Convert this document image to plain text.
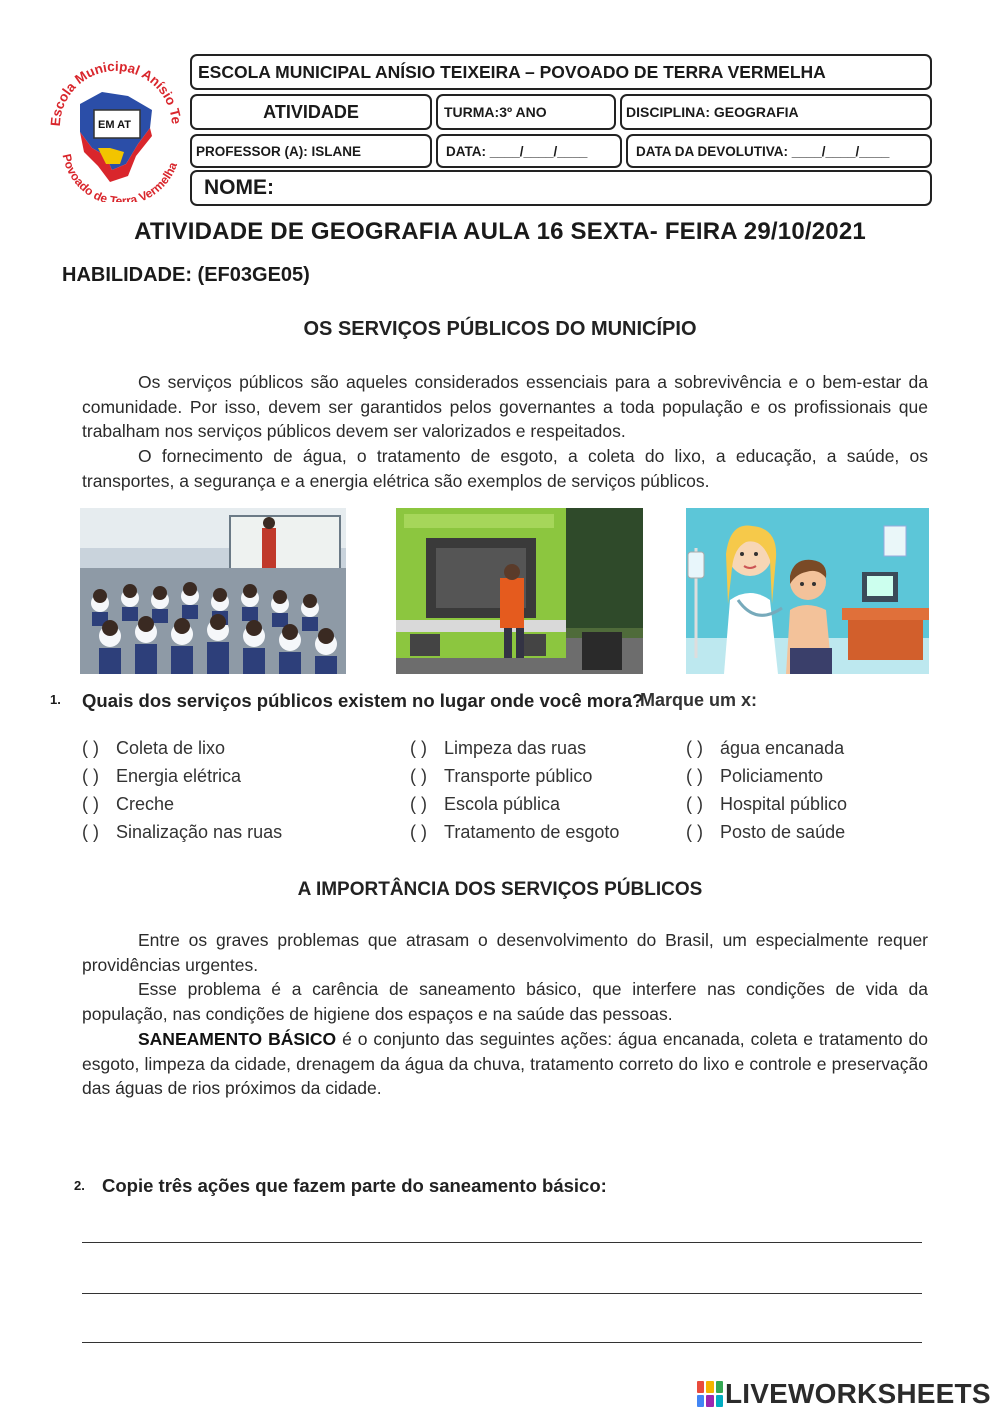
Escola Municipal Anísio Te
Povoado de Terra Vermelha
EM AT
ESCOLA MUNICIPAL ANÍSIO TEIXEIRA – POVOADO DE TERRA VERMELHA
ATIVIDADE	TURMA:3º ANO	DISCIPLINA: GEOGRAFIA
PROFESSOR (A): ISLANE	DATA: ____/____/____	DATA DA DEVOLUTIVA: ____/____/____
NOME:
ATIVIDADE DE GEOGRAFIA AULA 16 SEXTA- FEIRA 29/10/2021
HABILIDADE: (EF03GE05)
OS SERVIÇOS PÚBLICOS DO MUNICÍPIO
Os serviços públicos são aqueles considerados essenciais para a sobrevivência e o bem-estar da comunidade. Por isso, devem ser garantidos pelos governantes a toda população e os profissionais que trabalham nos serviços públicos devem ser valorizados e respeitados.
O fornecimento de água, o tratamento de esgoto, a coleta do lixo, a educação, a saúde, os transportes, a segurança e a energia elétrica são exemplos de serviços públicos.
1. Quais dos serviços públicos existem no lugar onde você mora?
Marque um x:
( ) Coleta de lixo	( ) Limpeza das ruas	( ) água encanada
( ) Energia elétrica	( ) Transporte público	( ) Policiamento
( ) Creche	( ) Escola pública	( ) Hospital público
( ) Sinalização nas ruas	( ) Tratamento de esgoto	( ) Posto de saúde
A IMPORTÂNCIA DOS SERVIÇOS PÚBLICOS
Entre os graves problemas que atrasam o desenvolvimento do Brasil, um especialmente requer providências urgentes.
Esse problema é a carência de saneamento básico, que interfere nas condições de vida da população, nas condições de higiene dos espaços e na saúde das pessoas.
SANEAMENTO BÁSICO é o conjunto das seguintes ações: água encanada, coleta e tratamento do esgoto, limpeza da cidade, drenagem da água da chuva, tratamento correto do lixo e controle e preservação das águas de rios próximos da cidade.
2. Copie três ações que fazem parte do saneamento básico:
LIVEWORKSHEETS
